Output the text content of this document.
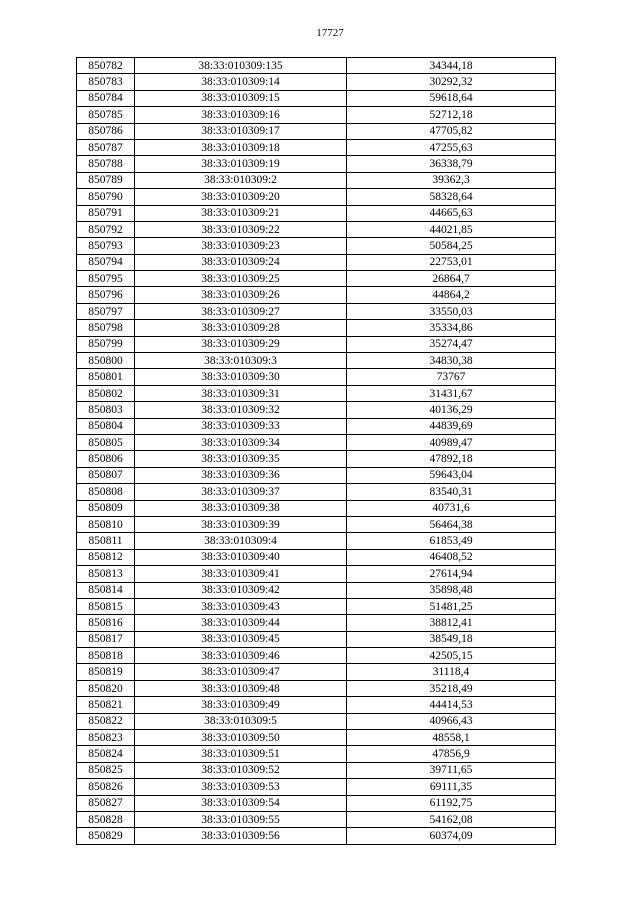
17727
850782	38:33:010309:135	34344,18
850783	38:33:010309:14	30292,32
850784	38:33:010309:15	59618,64
850785	38:33:010309:16	52712,18
850786	38:33:010309:17	47705,82
850787	38:33:010309:18	47255,63
850788	38:33:010309:19	36338,79
850789	38:33:010309:2	39362,3
850790	38:33:010309:20	58328,64
850791	38:33:010309:21	44665,63
850792	38:33:010309:22	44021,85
850793	38:33:010309:23	50584,25
850794	38:33:010309:24	22753,01
850795	38:33:010309:25	26864,7
850796	38:33:010309:26	44864,2
850797	38:33:010309:27	33550,03
850798	38:33:010309:28	35334,86
850799	38:33:010309:29	35274,47
850800	38:33:010309:3	34830,38
850801	38:33:010309:30	73767
850802	38:33:010309:31	31431,67
850803	38:33:010309:32	40136,29
850804	38:33:010309:33	44839,69
850805	38:33:010309:34	40989,47
850806	38:33:010309:35	47892,18
850807	38:33:010309:36	59643,04
850808	38:33:010309:37	83540,31
850809	38:33:010309:38	40731,6
850810	38:33:010309:39	56464,38
850811	38:33:010309:4	61853,49
850812	38:33:010309:40	46408,52
850813	38:33:010309:41	27614,94
850814	38:33:010309:42	35898,48
850815	38:33:010309:43	51481,25
850816	38:33:010309:44	38812,41
850817	38:33:010309:45	38549,18
850818	38:33:010309:46	42505,15
850819	38:33:010309:47	31118,4
850820	38:33:010309:48	35218,49
850821	38:33:010309:49	44414,53
850822	38:33:010309:5	40966,43
850823	38:33:010309:50	48558,1
850824	38:33:010309:51	47856,9
850825	38:33:010309:52	39711,65
850826	38:33:010309:53	69111,35
850827	38:33:010309:54	61192,75
850828	38:33:010309:55	54162,08
850829	38:33:010309:56	60374,09
